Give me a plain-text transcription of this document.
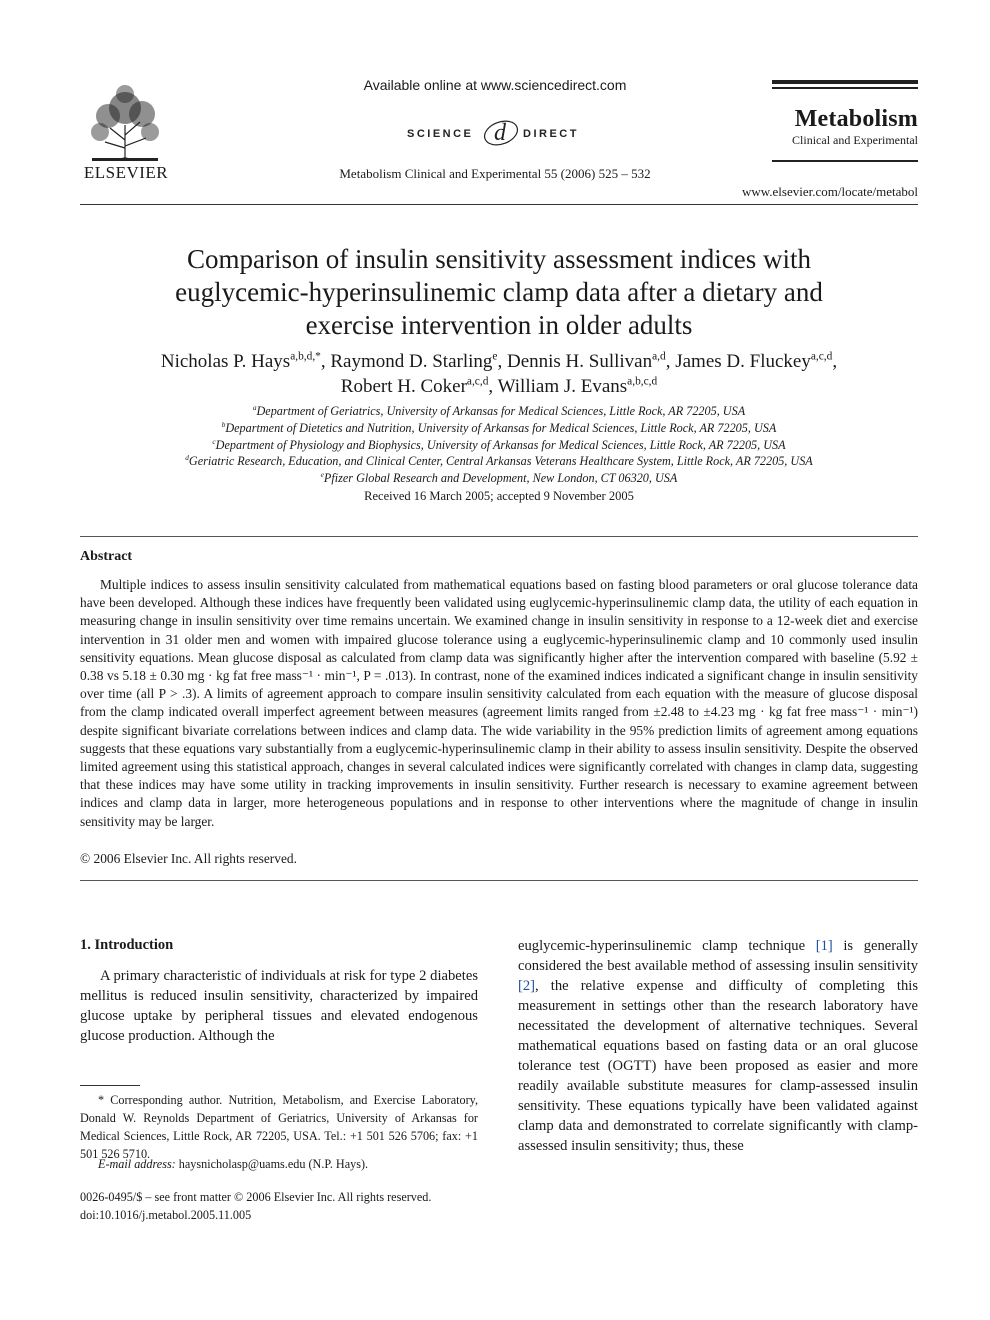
ELSEVIER
Available online at www.sciencedirect.com
SCIENCE d DIRECT
Metabolism Clinical and Experimental 55 (2006) 525 – 532
Metabolism
Clinical and Experimental
www.elsevier.com/locate/metabol
Comparison of insulin sensitivity assessment indices with
euglycemic-hyperinsulinemic clamp data after a dietary and
exercise intervention in older adults
Nicholas P. Hays$^{a,b,d,*}$, Raymond D. Starling$^e$, Dennis H. Sullivan$^{a,d}$, James D. Fluckey$^{a,c,d}$,
Robert H. Coker$^{a,c,d}$, William J. Evans$^{a,b,c,d}$
$^a$Department of Geriatrics, University of Arkansas for Medical Sciences, Little Rock, AR 72205, USA
$^b$Department of Dietetics and Nutrition, University of Arkansas for Medical Sciences, Little Rock, AR 72205, USA
$^c$Department of Physiology and Biophysics, University of Arkansas for Medical Sciences, Little Rock, AR 72205, USA
$^d$Geriatric Research, Education, and Clinical Center, Central Arkansas Veterans Healthcare System, Little Rock, AR 72205, USA
$^e$Pfizer Global Research and Development, New London, CT 06320, USA
Received 16 March 2005; accepted 9 November 2005
Abstract

Multiple indices to assess insulin sensitivity calculated from mathematical equations based on fasting blood parameters or oral glucose tolerance data have been developed. Although these indices have frequently been validated using euglycemic-hyperinsulinemic clamp data, the utility of each equation in measuring change in insulin sensitivity over time remains uncertain. We examined change in insulin sensitivity in response to a 12-week diet and exercise intervention in 31 older men and women with impaired glucose tolerance using a euglycemic-hyperinsulinemic clamp and 10 commonly used insulin sensitivity equations. Mean glucose disposal as calculated from clamp data was significantly higher after the intervention compared with baseline (5.92 ± 0.38 vs 5.18 ± 0.30 mg · kg fat free mass⁻¹ · min⁻¹, P = .013). In contrast, none of the examined indices indicated a significant change in insulin sensitivity over time (all P > .3). A limits of agreement approach to compare insulin sensitivity calculated from each equation with the measure of glucose disposal from the clamp indicated overall imperfect agreement between measures (agreement limits ranged from ±2.48 to ±4.23 mg · kg fat free mass⁻¹ · min⁻¹) despite significant bivariate correlations between indices and clamp data. The wide variability in the 95% prediction limits of agreement among equations suggests that these equations vary substantially from a euglycemic-hyperinsulinemic clamp in their ability to assess insulin sensitivity. Despite the observed limited agreement using this statistical approach, changes in several calculated indices were significantly correlated with changes in clamp data, suggesting that these indices may have some utility in tracking improvements in insulin sensitivity. Further research is necessary to examine agreement between indices and clamp data in larger, more heterogeneous populations and in response to other interventions where the magnitude of change in insulin sensitivity may be larger.

© 2006 Elsevier Inc. All rights reserved.
1. Introduction

A primary characteristic of individuals at risk for type 2 diabetes mellitus is reduced insulin sensitivity, characterized by impaired glucose uptake by peripheral tissues and elevated endogenous glucose production. Although the

euglycemic-hyperinsulinemic clamp technique [1] is generally considered the best available method of assessing insulin sensitivity [2], the relative expense and difficulty of completing this measurement in settings other than the research laboratory have necessitated the development of alternative techniques. Several mathematical equations based on fasting data or an oral glucose tolerance test (OGTT) have been proposed as easier and more readily available substitute measures for clamp-assessed insulin sensitivity. These equations typically have been validated against clamp data and demonstrated to correlate significantly with clamp-assessed insulin sensitivity; thus, these

* Corresponding author. Nutrition, Metabolism, and Exercise Laboratory, Donald W. Reynolds Department of Geriatrics, University of Arkansas for Medical Sciences, Little Rock, AR 72205, USA. Tel.: +1 501 526 5706; fax: +1 501 526 5710.

E-mail address: haysnicholasp@uams.edu (N.P. Hays).
0026-0495/$ – see front matter © 2006 Elsevier Inc. All rights reserved.
doi:10.1016/j.metabol.2005.11.005
